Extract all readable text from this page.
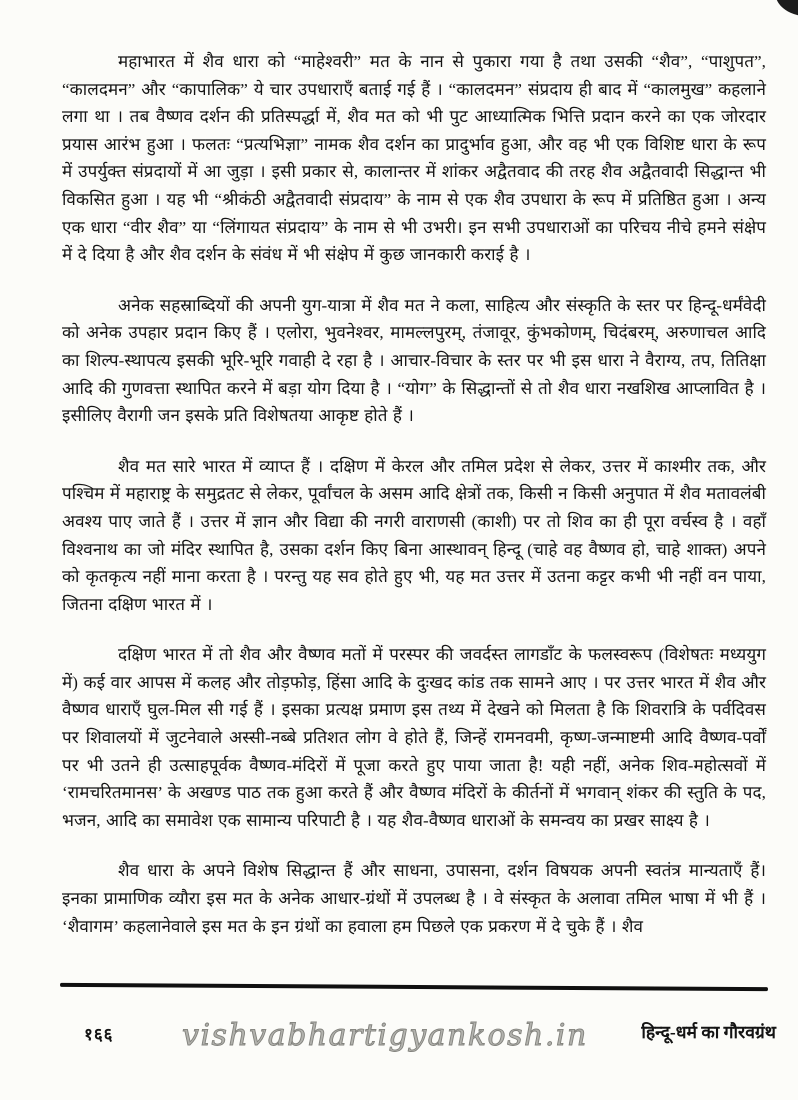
महाभारत में शैव धारा को “माहेश्वरी” मत के नान से पुकारा गया है तथा उसकी “शैव”, “पाशुपत”, “कालदमन” और “कापालिक” ये चार उपधाराएँ बताई गई हैं । “कालदमन” संप्रदाय ही बाद में “कालमुख” कहलाने लगा था । तब वैष्णव दर्शन की प्रतिस्पर्द्धा में, शैव मत को भी पुट आध्यात्मिक भित्ति प्रदान करने का एक जोरदार प्रयास आरंभ हुआ । फलतः “प्रत्यभिज्ञा” नामक शैव दर्शन का प्रादुर्भाव हुआ, और वह भी एक विशिष्ट धारा के रूप में उपर्युक्त संप्रदायों में आ जुड़ा । इसी प्रकार से, कालान्तर में शांकर अद्वैतवाद की तरह शैव अद्वैतवादी सिद्धान्त भी विकसित हुआ । यह भी “श्रीकंठी अद्वैतवादी संप्रदाय” के नाम से एक शैव उपधारा के रूप में प्रतिष्ठित हुआ । अन्य एक धारा “वीर शैव” या “लिंगायत संप्रदाय” के नाम से भी उभरी। इन सभी उपधाराओं का परिचय नीचे हमने संक्षेप में दे दिया है और शैव दर्शन के संवंध में भी संक्षेप में कुछ जानकारी कराई है ।

अनेक सहस्राब्दियों की अपनी युग-यात्रा में शैव मत ने कला, साहित्य और संस्कृति के स्तर पर हिन्दू-धर्मंवेदी को अनेक उपहार प्रदान किए हैं । एलोरा, भुवनेश्वर, मामल्लपुरम्, तंजावूर, कुंभकोणम्, चिदंबरम्, अरुणाचल आदि का शिल्प-स्थापत्य इसकी भूरि-भूरि गवाही दे रहा है । आचार-विचार के स्तर पर भी इस धारा ने वैराग्य, तप, तितिक्षा आदि की गुणवत्ता स्थापित करने में बड़ा योग दिया है । “योग” के सिद्धान्तों से तो शैव धारा नखशिख आप्लावित है । इसीलिए वैरागी जन इसके प्रति विशेषतया आकृष्ट होते हैं ।

शैव मत सारे भारत में व्याप्त हैं । दक्षिण में केरल और तमिल प्रदेश से लेकर, उत्तर में काश्मीर तक, और पश्चिम में महाराष्ट्र के समुद्रतट से लेकर, पूर्वांचल के असम आदि क्षेत्रों तक, किसी न किसी अनुपात में शैव मतावलंबी अवश्य पाए जाते हैं । उत्तर में ज्ञान और विद्या की नगरी वाराणसी (काशी) पर तो शिव का ही पूरा वर्चस्व है । वहाँ विश्वनाथ का जो मंदिर स्थापित है, उसका दर्शन किए बिना आस्थावन् हिन्दू (चाहे वह वैष्णव हो, चाहे शाक्त) अपने को कृतकृत्य नहीं माना करता है । परन्तु यह सव होते हुए भी, यह मत उत्तर में उतना कट्टर कभी भी नहीं वन पाया, जितना दक्षिण भारत में ।

दक्षिण भारत में तो शैव और वैष्णव मतों में परस्पर की जवर्दस्त लागडाँट के फलस्वरूप (विशेषतः मध्ययुग में) कई वार आपस में कलह और तोड़फोड़, हिंसा आदि के दुःखद कांड तक सामने आए । पर उत्तर भारत में शैव और वैष्णव धाराएँ घुल-मिल सी गई हैं । इसका प्रत्यक्ष प्रमाण इस तथ्य में देखने को मिलता है कि शिवरात्रि के पर्वदिवस पर शिवालयों में जुटनेवाले अस्सी-नब्बे प्रतिशत लोग वे होते हैं, जिन्हें रामनवमी, कृष्ण-जन्माष्टमी आदि वैष्णव-पर्वों पर भी उतने ही उत्साहपूर्वक वैष्णव-मंदिरों में पूजा करते हुए पाया जाता है! यही नहीं, अनेक शिव-महोत्सवों में ‘रामचरितमानस’ के अखण्ड पाठ तक हुआ करते हैं और वैष्णव मंदिरों के कीर्तनों में भगवान् शंकर की स्तुति के पद, भजन, आदि का समावेश एक सामान्य परिपाटी है । यह शैव-वैष्णव धाराओं के समन्वय का प्रखर साक्ष्य है ।

शैव धारा के अपने विशेष सिद्धान्त हैं और साधना, उपासना, दर्शन विषयक अपनी स्वतंत्र मान्यताएँ हैं। इनका प्रामाणिक व्यौरा इस मत के अनेक आधार-ग्रंथों में उपलब्ध है । वे संस्कृत के अलावा तमिल भाषा में भी हैं । ‘शैवागम’ कहलानेवाले इस मत के इन ग्रंथों का हवाला हम पिछले एक प्रकरण में दे चुके हैं । शैव

१६६ vishvabhartigyankosh.in	हिन्दू-धर्म का गौरवग्रंथ
